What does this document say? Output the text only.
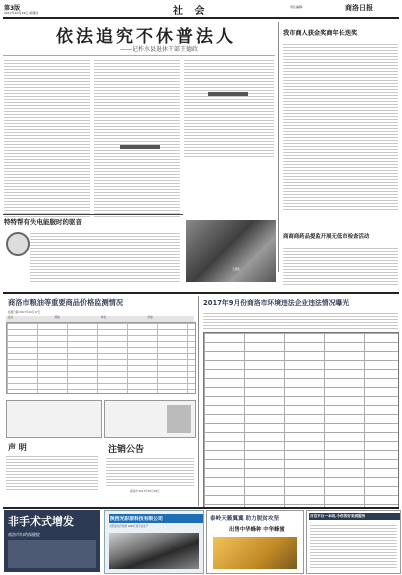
第3版
2017年10月19日 星期四	社 会	责任编辑:	商洛日报
依法追究不休普法人
——记柞水县退休干部王德政
我市商人获金奖商年长迭奖
特特帮有失电能服时的驱音
王德政
商商商药品提监开展无低市检查活动
商洛市粮油等重要商品价格监测情况
监测日期:2017年10月17日
品名	规格	单位	价格
2017年9月份商洛市环境违法企业违法情况曝光
注销公告
商洛市 2017年10月18日
声 明
非手术式增发
商洛市妇幼保健院
陕西光彩原科技有限公司
大阳能光伏组件 LED灯具专业生产
泰岭天籁翼翼 助力脱贫攻坚
出售中华蜂种 中华蜂蜜
百官平台一本同,今你的好来到服务
